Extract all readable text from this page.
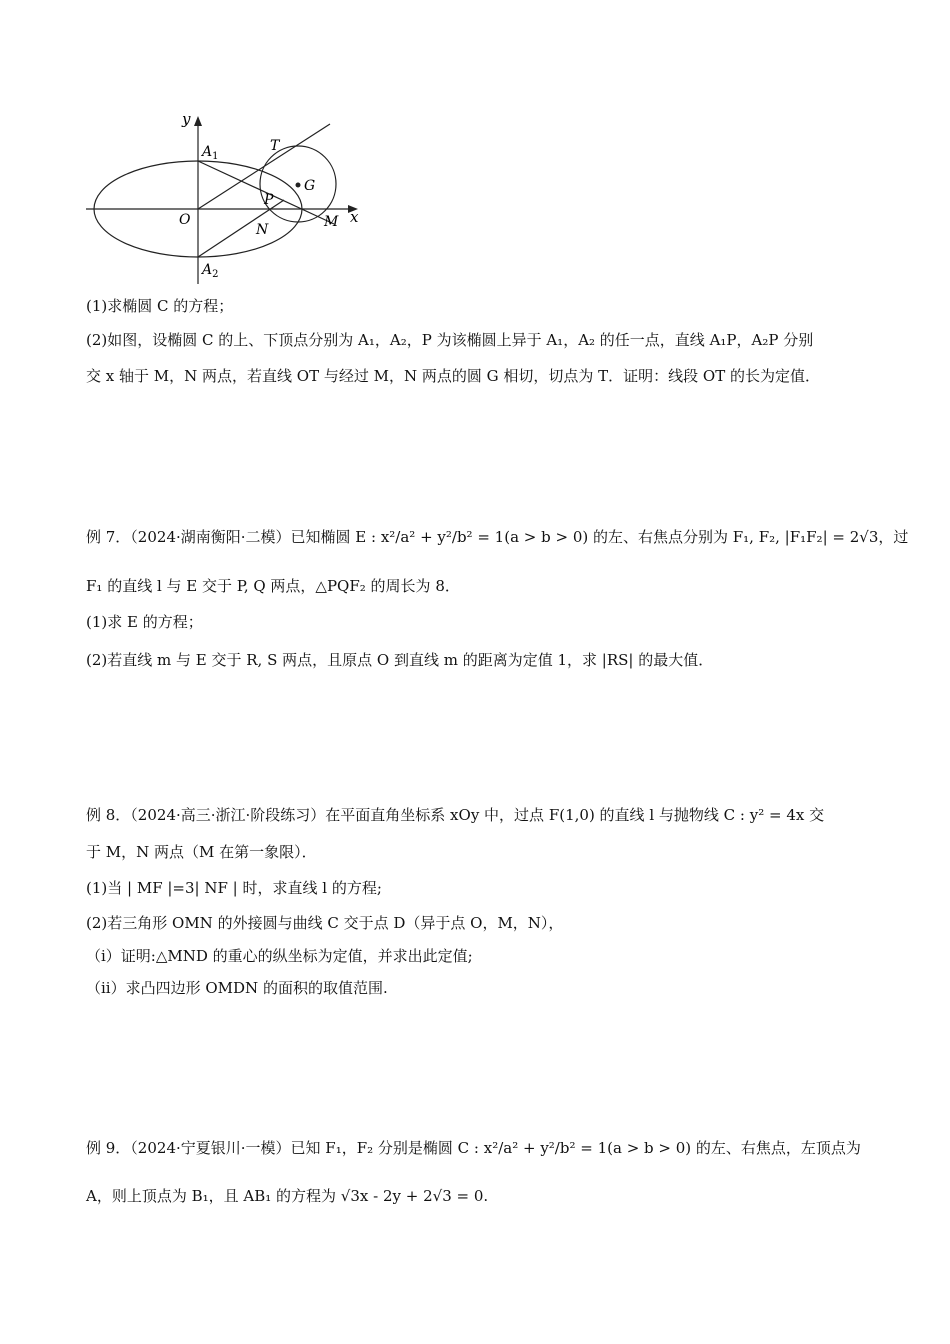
y
x
$A_1$
$A_2$
O
T
G
P
N	M
(1)求椭圆 C 的方程；
(2)如图，设椭圆 C 的上、下顶点分别为 A₁，A₂，P 为该椭圆上异于 A₁，A₂ 的任一点，直线 A₁P，A₂P 分别
交 x 轴于 M，N 两点，若直线 OT 与经过 M，N 两点的圆 G 相切，切点为 T．证明：线段 OT 的长为定值．
例 7．（2024·湖南衡阳·二模）已知椭圆 E : x²/a² + y²/b² = 1(a > b > 0) 的左、右焦点分别为 F₁, F₂, |F₁F₂| = 2√3，过
F₁ 的直线 l 与 E 交于 P, Q 两点，△PQF₂ 的周长为 8．
(1)求 E 的方程；
(2)若直线 m 与 E 交于 R, S 两点，且原点 O 到直线 m 的距离为定值 1，求 |RS| 的最大值．
例 8．（2024·高三·浙江·阶段练习）在平面直角坐标系 xOy 中，过点 F(1,0) 的直线 l 与抛物线 C : y² = 4x 交
于 M，N 两点（M 在第一象限）．
(1)当 | MF |=3| NF | 时，求直线 l 的方程;
(2)若三角形 OMN 的外接圆与曲线 C 交于点 D（异于点 O，M，N），
（i）证明:△MND 的重心的纵坐标为定值，并求出此定值;
（ii）求凸四边形 OMDN 的面积的取值范围.
例 9．（2024·宁夏银川·一模）已知 F₁，F₂ 分别是椭圆 C : x²/a² + y²/b² = 1(a > b > 0) 的左、右焦点，左顶点为
A，则上顶点为 B₁，且 AB₁ 的方程为 √3x - 2y + 2√3 = 0.
